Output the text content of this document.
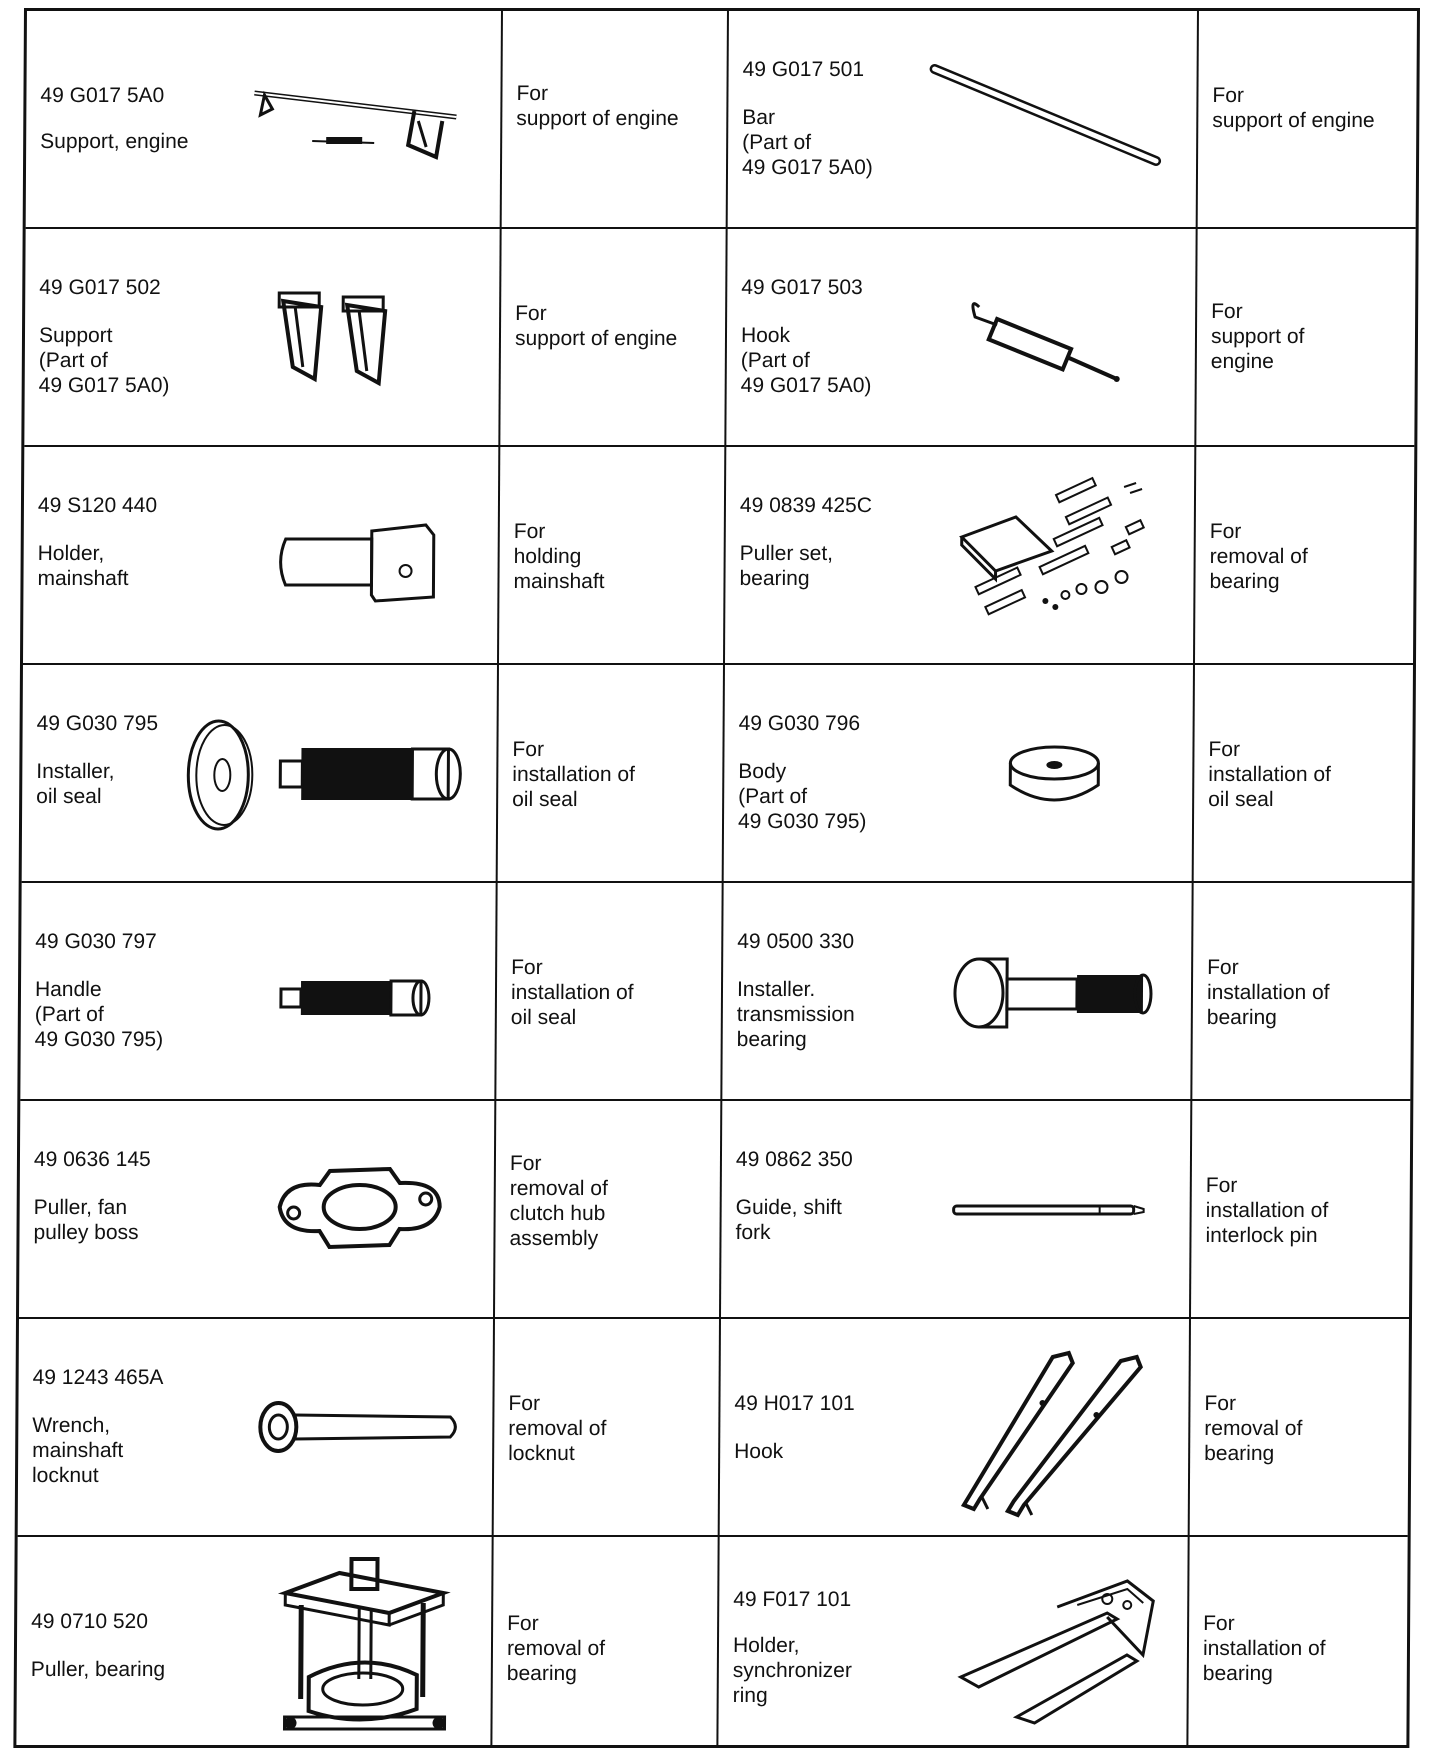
49 G017 5A0
Support, engine
For
support of engine
49 G017 501
Bar
(Part of
49 G017 5A0)
For
support of engine
49 G017 502
Support
(Part of
49 G017 5A0)
For
support of engine
49 G017 503
Hook
(Part of
49 G017 5A0)
For
support of
engine
49 S120 440
Holder,
mainshaft
For
holding
mainshaft
49 0839 425C
Puller set,
bearing
For
removal of
bearing
49 G030 795
Installer,
oil seal
For
installation of
oil seal
49 G030 796
Body
(Part of
49 G030 795)
For
installation of
oil seal
49 G030 797
Handle
(Part of
49 G030 795)
For
installation of
oil seal
49 0500 330
Installer.
transmission
bearing
For
installation of
bearing
49 0636 145
Puller, fan
pulley boss
For
removal of
clutch hub
assembly
49 0862 350
Guide, shift
fork
For
installation of
interlock pin
49 1243 465A
Wrench,
mainshaft
locknut
For
removal of
locknut
49 H017 101
Hook
For
removal of
bearing
49 0710 520
Puller, bearing
For
removal of
bearing
49 F017 101
Holder,
synchronizer
ring
For
installation of
bearing
